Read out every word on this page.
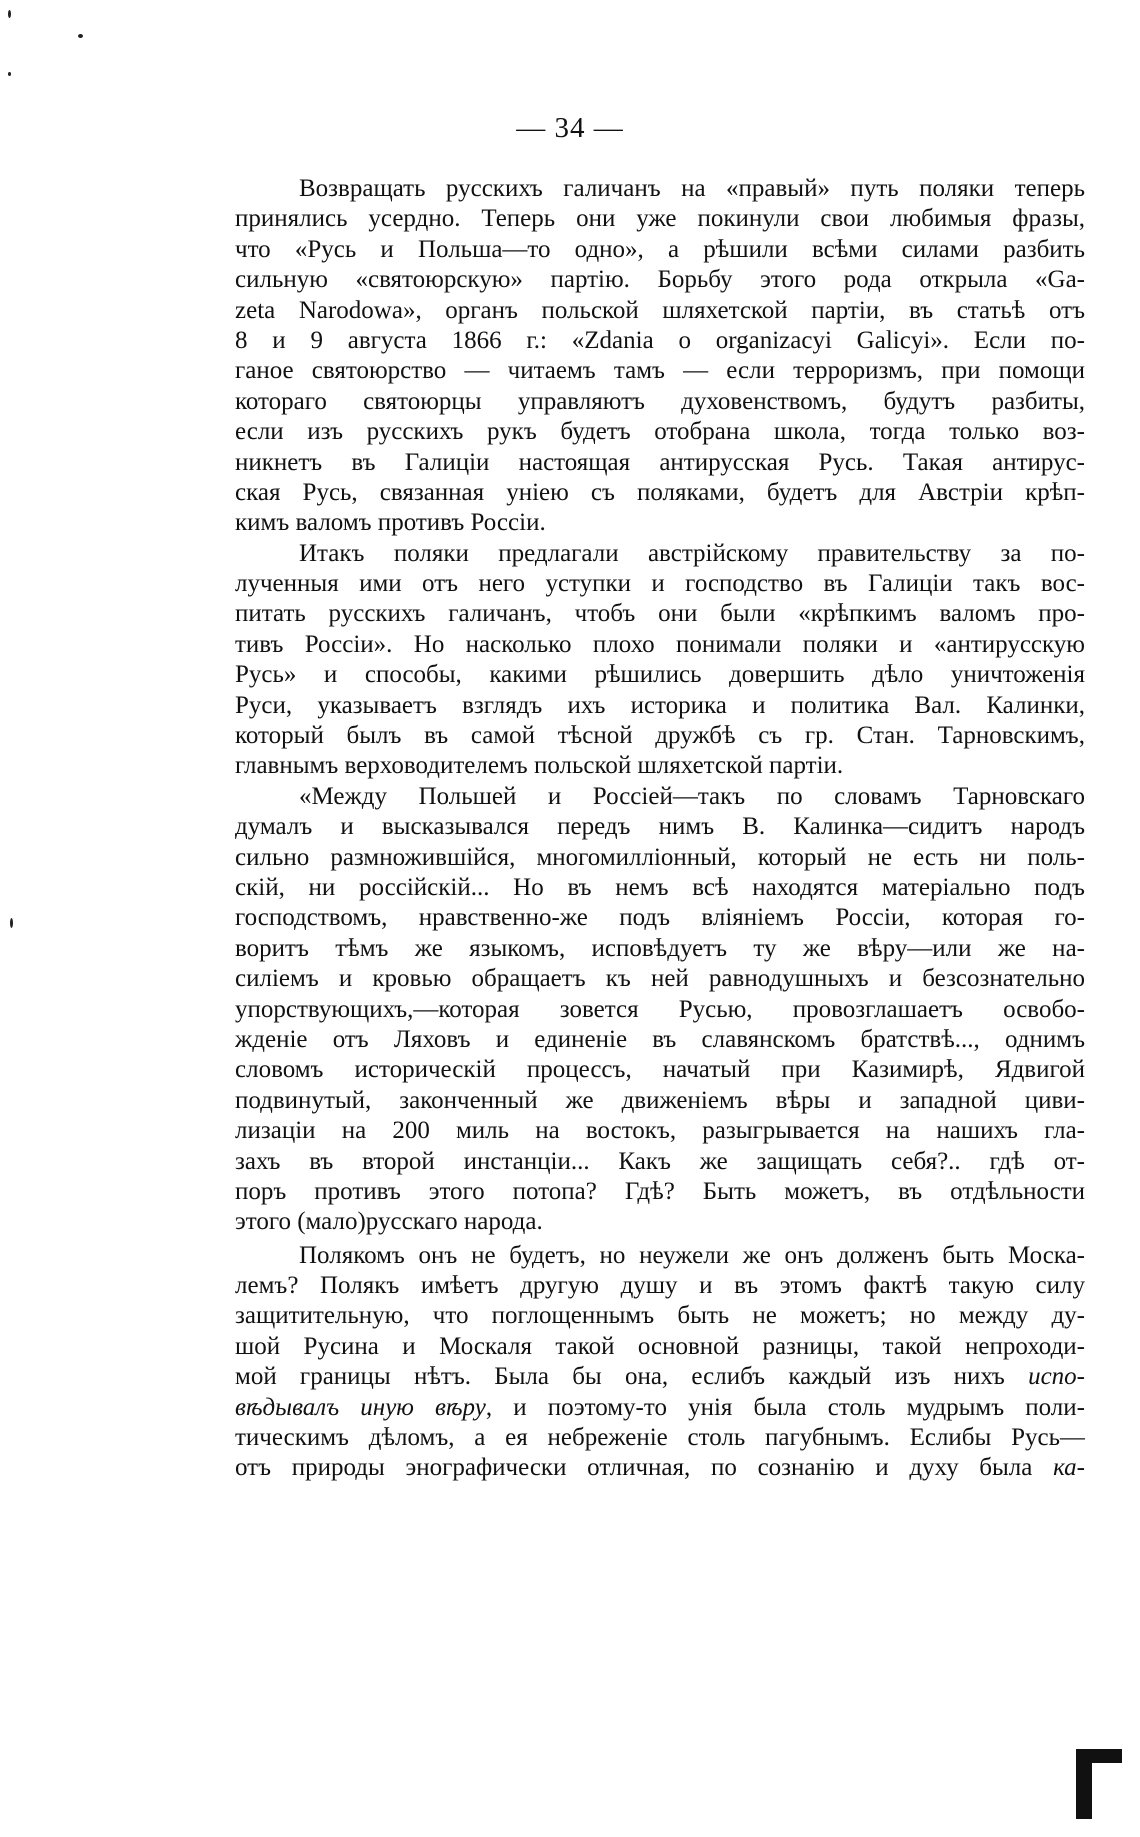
— 34 —
Возвращать русскихъ галичанъ на «правый» путь поляки теперь
принялись усердно. Теперь они уже покинули свои любимыя фразы,
что «Русь и Польша—то одно», а рѣшили всѣми силами разбить
сильную «святоюрскую» партію. Борьбу этого рода открыла «Ga-
zeta Narodowa», органъ польской шляхетской партіи, въ статьѣ отъ
8 и 9 августа 1866 г.: «Zdania o organizacyi Galicyi». Если по-
ганое святоюрство — читаемъ тамъ — если терроризмъ, при помощи
котораго святоюрцы управляютъ духовенствомъ, будутъ разбиты,
если изъ русскихъ рукъ будетъ отобрана школа, тогда только воз-
никнетъ въ Галиціи настоящая антирусская Русь. Такая антирус-
ская Русь, связанная уніею съ поляками, будетъ для Австріи крѣп-
кимъ валомъ противъ Россіи.
Итакъ поляки предлагали австрійскому правительству за по-
лученныя ими отъ него уступки и господство въ Галиціи такъ вос-
питать русскихъ галичанъ, чтобъ они были «крѣпкимъ валомъ про-
тивъ Россіи». Но насколько плохо понимали поляки и «антирусскую
Русь» и способы, какими рѣшились довершить дѣло уничтоженія
Руси, указываетъ взглядъ ихъ историка и политика Вал. Калинки,
который былъ въ самой тѣсной дружбѣ съ гр. Стан. Тарновскимъ,
главнымъ верховодителемъ польской шляхетской партіи.
«Между Польшей и Россіей—такъ по словамъ Тарновскаго
думалъ и высказывался передъ нимъ В. Калинка—сидитъ народъ
сильно размножившійся, многомилліонный, который не есть ни поль-
скій, ни россійскій... Но въ немъ всѣ находятся матеріально подъ
господствомъ, нравственно-же подъ вліяніемъ Россіи, которая го-
воритъ тѣмъ же языкомъ, исповѣдуетъ ту же вѣру—или же на-
силіемъ и кровью обращаетъ къ ней равнодушныхъ и безсознательно
упорствующихъ,—которая зовется Русью, провозглашаетъ освобо-
жденіе отъ Ляховъ и единеніе въ славянскомъ братствѣ..., однимъ
словомъ историческій процессъ, начатый при Казимирѣ, Ядвигой
подвинутый, законченный же движеніемъ вѣры и западной циви-
лизаціи на 200 миль на востокъ, разыгрывается на нашихъ гла-
захъ въ второй инстанціи... Какъ же защищать себя?.. гдѣ от-
поръ противъ этого потопа? Гдѣ? Быть можетъ, въ отдѣльности
этого (мало)русскаго народа.
Полякомъ онъ не будетъ, но неужели же онъ долженъ быть Моска-
лемъ? Полякъ имѣетъ другую душу и въ этомъ фактѣ такую силу
защитительную, что поглощеннымъ быть не можетъ; но между ду-
шой Русина и Москаля такой основной разницы, такой непроходи-
мой границы нѣтъ. Была бы она, еслибъ каждый изъ нихъ испо-
вѣдывалъ иную вѣру, и поэтому-то унія была столь мудрымъ поли-
тическимъ дѣломъ, а ея небреженіе столь пагубнымъ. Еслибы Русь—
отъ природы энографически отличная, по сознанію и духу была ка-
